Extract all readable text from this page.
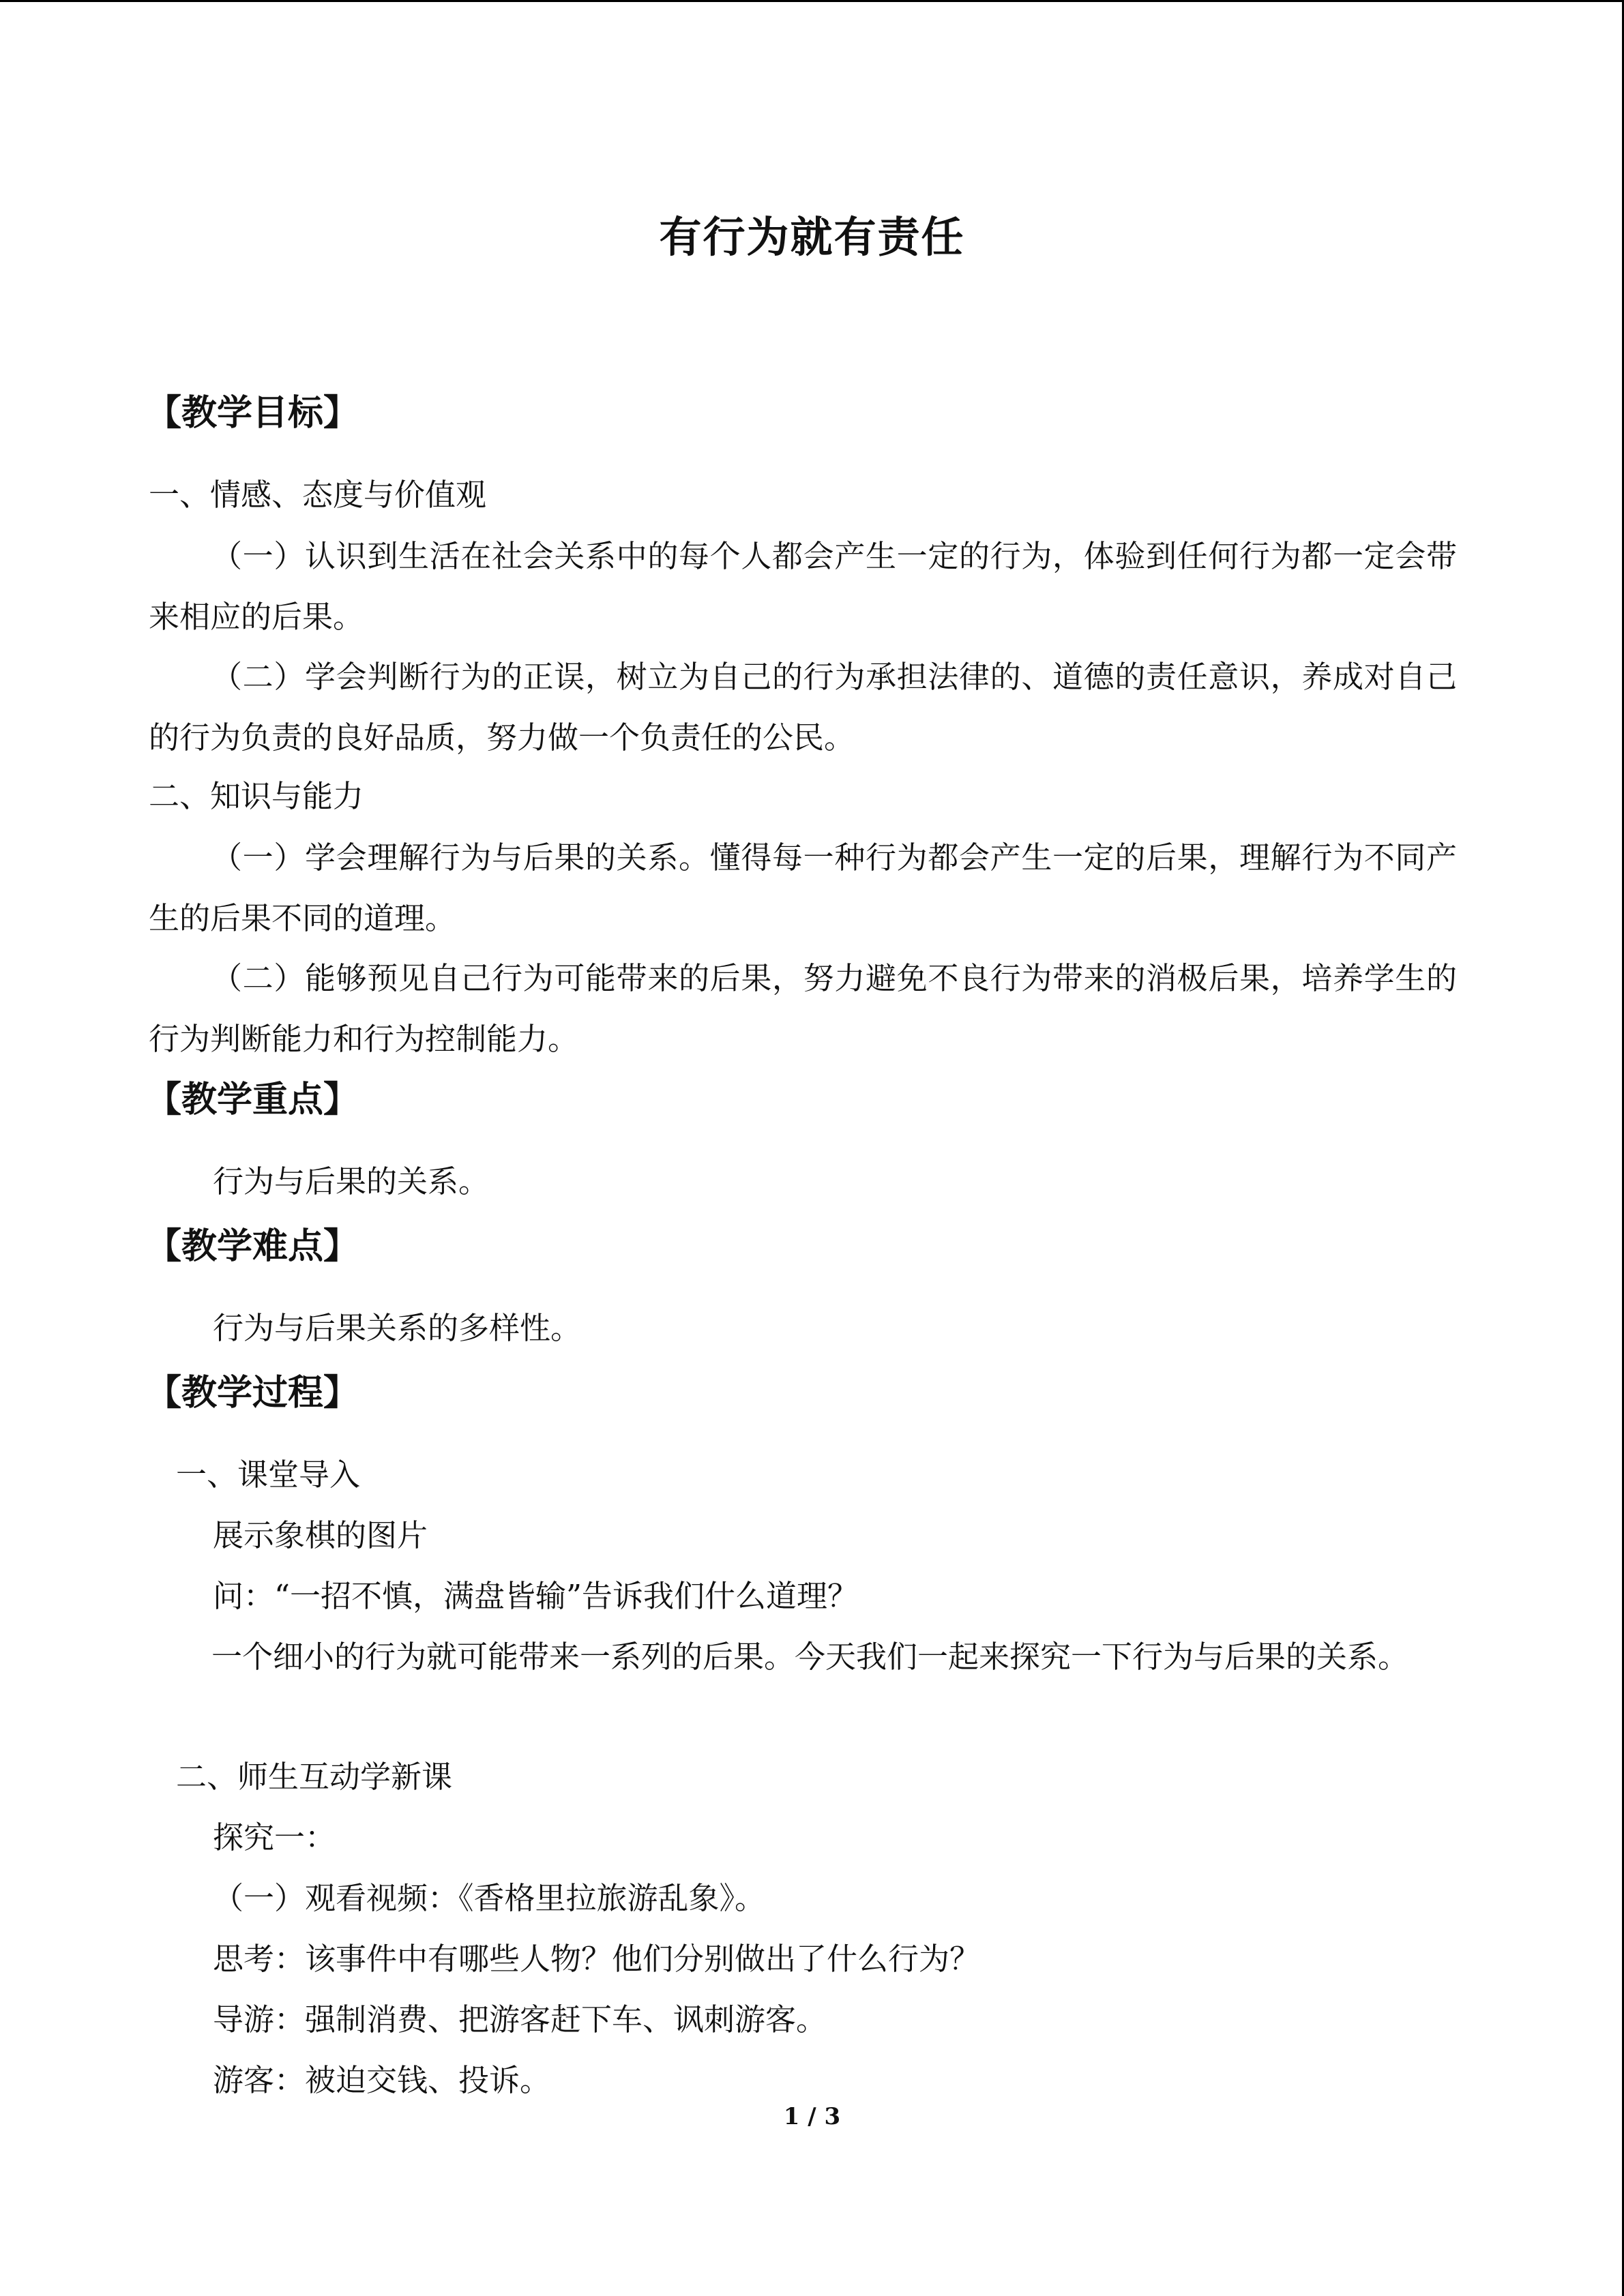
有行为就有责任
【教学目标】
一、情感、态度与价值观
（一）认识到生活在社会关系中的每个人都会产生一定的行为，体验到任何行为都一定会带来相应的后果。
（二）学会判断行为的正误，树立为自己的行为承担法律的、道德的责任意识，养成对自己的行为负责的良好品质，努力做一个负责任的公民。
二、知识与能力
（一）学会理解行为与后果的关系。懂得每一种行为都会产生一定的后果，理解行为不同产生的后果不同的道理。
（二）能够预见自己行为可能带来的后果，努力避免不良行为带来的消极后果，培养学生的行为判断能力和行为控制能力。
【教学重点】
行为与后果的关系。
【教学难点】
行为与后果关系的多样性。
【教学过程】
一、课堂导入
展示象棋的图片
问：“一招不慎，满盘皆输”告诉我们什么道理？
一个细小的行为就可能带来一系列的后果。今天我们一起来探究一下行为与后果的关系。
二、师生互动学新课
探究一：
（一）观看视频：《香格里拉旅游乱象》。
思考：该事件中有哪些人物？他们分别做出了什么行为？
导游：强制消费、把游客赶下车、讽刺游客。
游客：被迫交钱、投诉。
1 / 3
